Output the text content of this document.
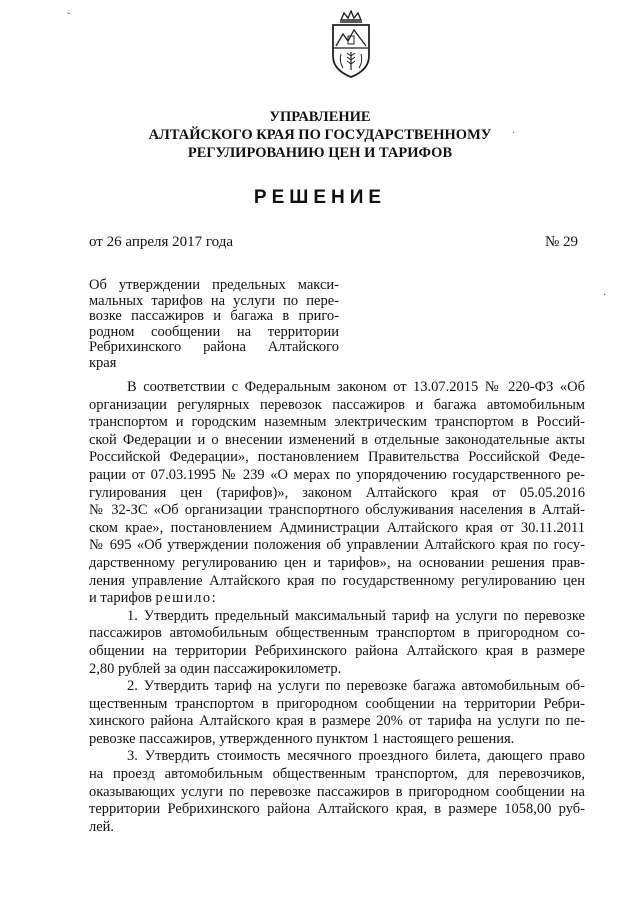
ˇ
УПРАВЛЕНИЕ
АЛТАЙСКОГО КРАЯ ПО ГОСУДАРСТВЕННОМУ
РЕГУЛИРОВАНИЮ ЦЕН И ТАРИФОВ
·
РЕШЕНИЕ
от 26 апреля 2017 года	№ 29
Об утверждении предельных макси-
мальных тарифов на услуги по пере-
возке пассажиров и багажа в приго-
родном сообщении на территории
Ребрихинского района Алтайского
края
·
В соответствии с Федеральным законом от 13.07.2015 № 220-ФЗ «Об
организации регулярных перевозок пассажиров и багажа автомобильным
транспортом и городским наземным электрическим транспортом в Россий-
ской Федерации и о внесении изменений в отдельные законодательные акты
Российской Федерации», постановлением Правительства Российской Феде-
рации от 07.03.1995 № 239 «О мерах по упорядочению государственного ре-
гулирования цен (тарифов)», законом Алтайского края от 05.05.2016
№ 32-ЗС «Об организации транспортного обслуживания населения в Алтай-
ском крае», постановлением Администрации Алтайского края от 30.11.2011
№ 695 «Об утверждении положения об управлении Алтайского края по госу-
дарственному регулированию цен и тарифов», на основании решения прав-
ления управление Алтайского края по государственному регулированию цен
и тарифов решило:
1. Утвердить предельный максимальный тариф на услуги по перевозке
пассажиров автомобильным общественным транспортом в пригородном со-
общении на территории Ребрихинского района Алтайского края в размере
2,80 рублей за один пассажирокилометр.
2. Утвердить тариф на услуги по перевозке багажа автомобильным об-
щественным транспортом в пригородном сообщении на территории Ребри-
хинского района Алтайского края в размере 20% от тарифа на услуги по пе-
ревозке пассажиров, утвержденного пунктом 1 настоящего решения.
3. Утвердить стоимость месячного проездного билета, дающего право
на проезд автомобильным общественным транспортом, для перевозчиков,
оказывающих услуги по перевозке пассажиров в пригородном сообщении на
территории Ребрихинского района Алтайского края, в размере 1058,00 руб-
лей.
